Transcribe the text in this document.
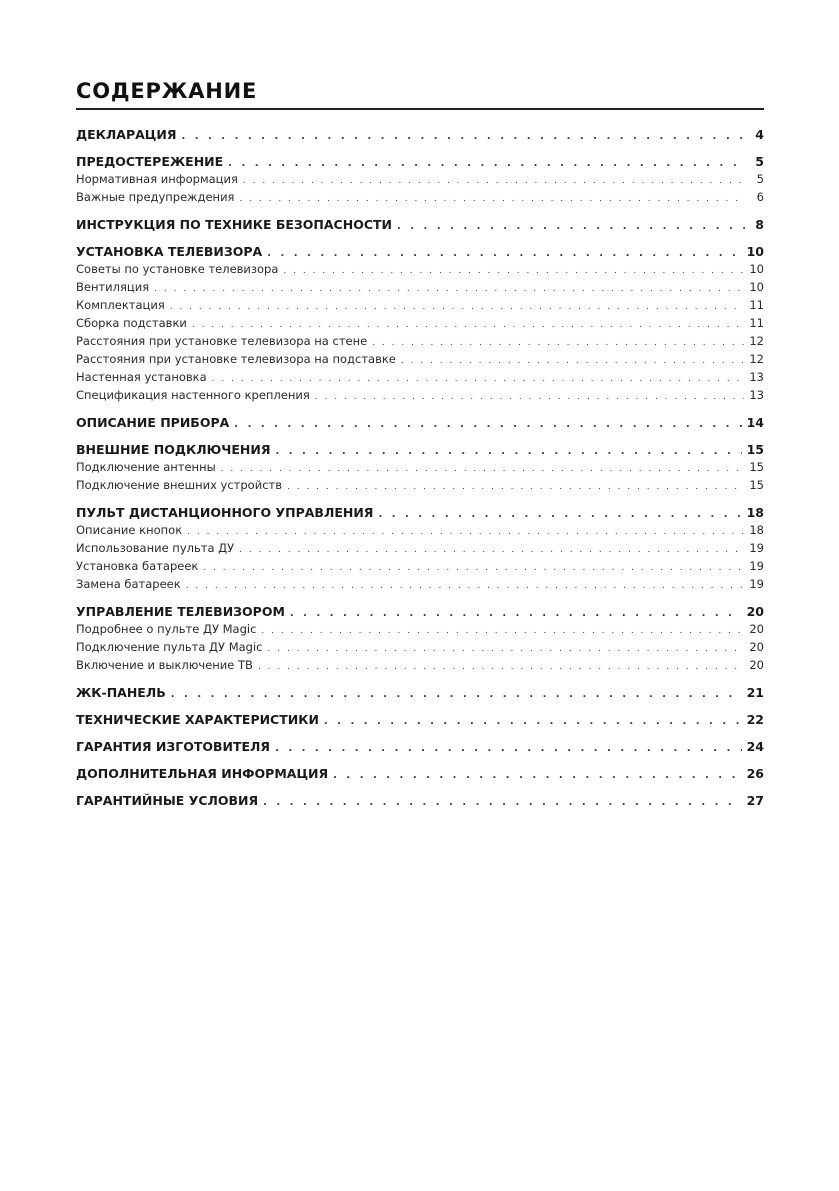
СОДЕРЖАНИЕ
ДЕКЛАРАЦИЯ . . .	4
ПРЕДОСТЕРЕЖЕНИЕ . . .	5
Нормативная информация . . .	5
Важные предупреждения . . .	6
ИНСТРУКЦИЯ ПО ТЕХНИКЕ БЕЗОПАСНОСТИ . . .	8
УСТАНОВКА ТЕЛЕВИЗОРА . . .	10
Советы по установке телевизора . . .	10
Вентиляция . . .	10
Комплектация . . .	11
Сборка подставки . . .	11
Расстояния при установке телевизора на стене . . .	12
Расстояния при установке телевизора на подставке . . .	12
Настенная установка . . .	13
Спецификация настенного крепления . . .	13
ОПИСАНИЕ ПРИБОРА . . .	14
ВНЕШНИЕ ПОДКЛЮЧЕНИЯ . . .	15
Подключение антенны . . .	15
Подключение внешних устройств . . .	15
ПУЛЬТ ДИСТАНЦИОННОГО УПРАВЛЕНИЯ . . .	18
Описание кнопок . . .	18
Использование пульта ДУ . . .	19
Установка батареек . . .	19
Замена батареек . . .	19
УПРАВЛЕНИЕ ТЕЛЕВИЗОРОМ . . .	20
Подробнее о пульте ДУ Magic . . .	20
Подключение пульта ДУ Magic . . .	20
Включение и выключение ТВ . . .	20
ЖК-ПАНЕЛЬ . . .	21
ТЕХНИЧЕСКИЕ ХАРАКТЕРИСТИКИ . . .	22
ГАРАНТИЯ ИЗГОТОВИТЕЛЯ . . .	24
ДОПОЛНИТЕЛЬНАЯ ИНФОРМАЦИЯ . . .	26
ГАРАНТИЙНЫЕ УСЛОВИЯ . . .	27
